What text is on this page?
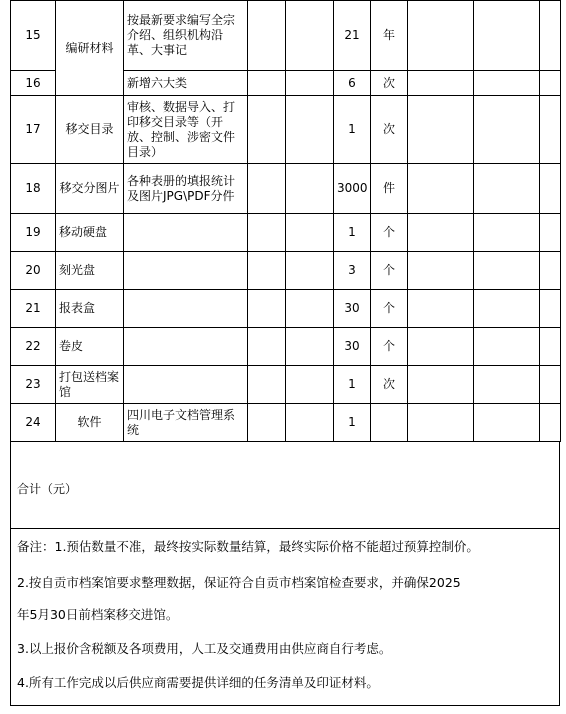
15	编研材料	按最新要求编写全宗介绍、组织机构沿革、大事记			21	年			
16		新增六大类			6	次			
17	移交目录	审核、数据导入、打印移交目录等（开放、控制、涉密文件目录）			1	次			
18	移交分图片	各种表册的填报统计及图片JPG\PDF分件			3000	件			
19	移动硬盘				1	个			
20	刻光盘				3	个			
21	报表盒				30	个			
22	卷皮				30	个			
23	打包送档案馆				1	次			
24	软件	四川电子文档管理系统			1				
合计（元）
备注：1.预估数量不准，最终按实际数量结算，最终实际价格不能超过预算控制价。
2.按自贡市档案馆要求整理数据，保证符合自贡市档案馆检查要求，并确保2025
年5月30日前档案移交进馆。
3.以上报价含税额及各项费用，人工及交通费用由供应商自行考虑。
4.所有工作完成以后供应商需要提供详细的任务清单及印证材料。
